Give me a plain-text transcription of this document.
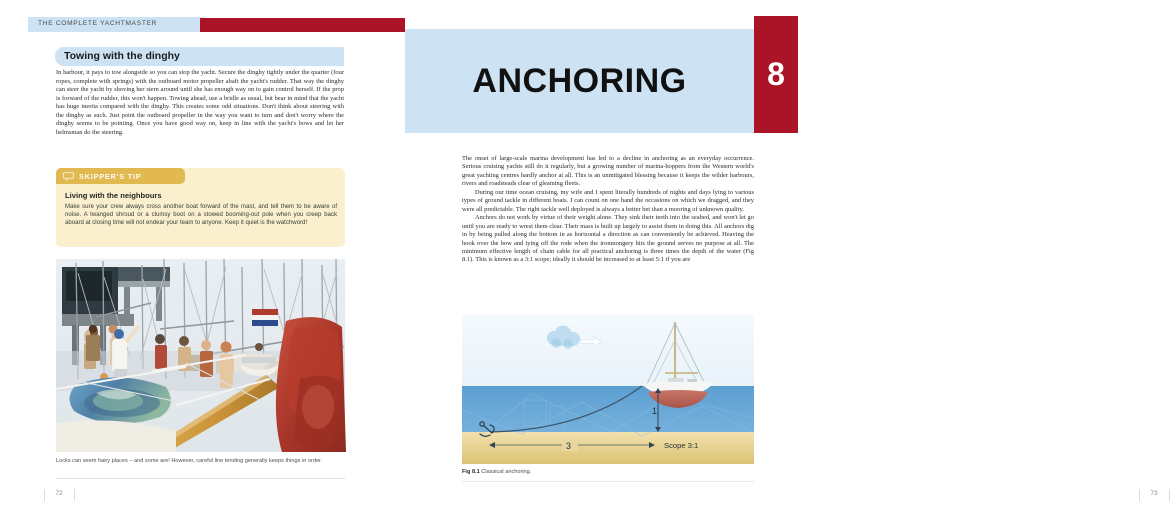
THE COMPLETE YACHTMASTER
Towing with the dinghy

In harbour, it pays to tow alongside so you can stop the yacht. Secure the dinghy tightly under the quarter (four ropes, complete with springs) with the outboard motor propeller abaft the yacht's rudder. That way the dinghy can steer the yacht by shoving her stern around until she has enough way on to gain control herself. If the prop is forward of the rudder, this won't happen. Towing ahead, use a bridle as usual, but bear in mind that the yacht has huge inertia compared with the dinghy. This creates some odd situations. Don't think about steering with the dinghy as such. Just point the outboard propeller in the way you want to turn and don't worry where the dinghy seems to be pointing. Once you have good way on, keep in line with the yacht's bows and let her helmsman do the steering.

SKIPPER'S TIP
Living with the neighbours
Make sure your crew always cross another boat forward of the mast, and tell them to be aware of noise. A twanged shroud or a clumsy boot on a stowed booming-out pole when you creep back aboard at closing time will not endear your team to anyone. Keep it quiet is the watchword!
Locks can seem hairy places – and some are! However, careful line tending generally keeps things in order.
72
ANCHORING	8

The onset of large-scale marina development has led to a decline in anchoring as an everyday occurrence. Serious cruising yachts still do it regularly, but a growing number of marina-hoppers from the Western world's great yachting centres hardly anchor at all. This is an unmitigated blessing because it keeps the wilder harbours, rivers and roadsteads clear of gleaming fleets.

During our time ocean cruising, my wife and I spent literally hundreds of nights and days lying to various types of ground tackle in different boats. I can count on one hand the occasions on which we dragged, and they were all predictable. The right tackle well deployed is always a better bet than a mooring of unknown quality.

Anchors do not work by virtue of their weight alone. They sink their teeth into the seabed, and won't let go until you are ready to wrest them clear. Their mass is built up largely to assist them in doing this. All anchors dig in by being pulled along the bottom in as horizontal a direction as can conveniently be achieved. Heaving the hook over the bow and tying off the rode when the ironmongery hits the ground serves no purpose at all. The minimum effective length of chain cable for all practical anchoring is three times the depth of the water (Fig 8.1). This is known as a 3:1 scope; ideally it should be increased to at least 5:1 if you are

1
3	Scope 3:1
Fig 8.1 Classical anchoring.
73
